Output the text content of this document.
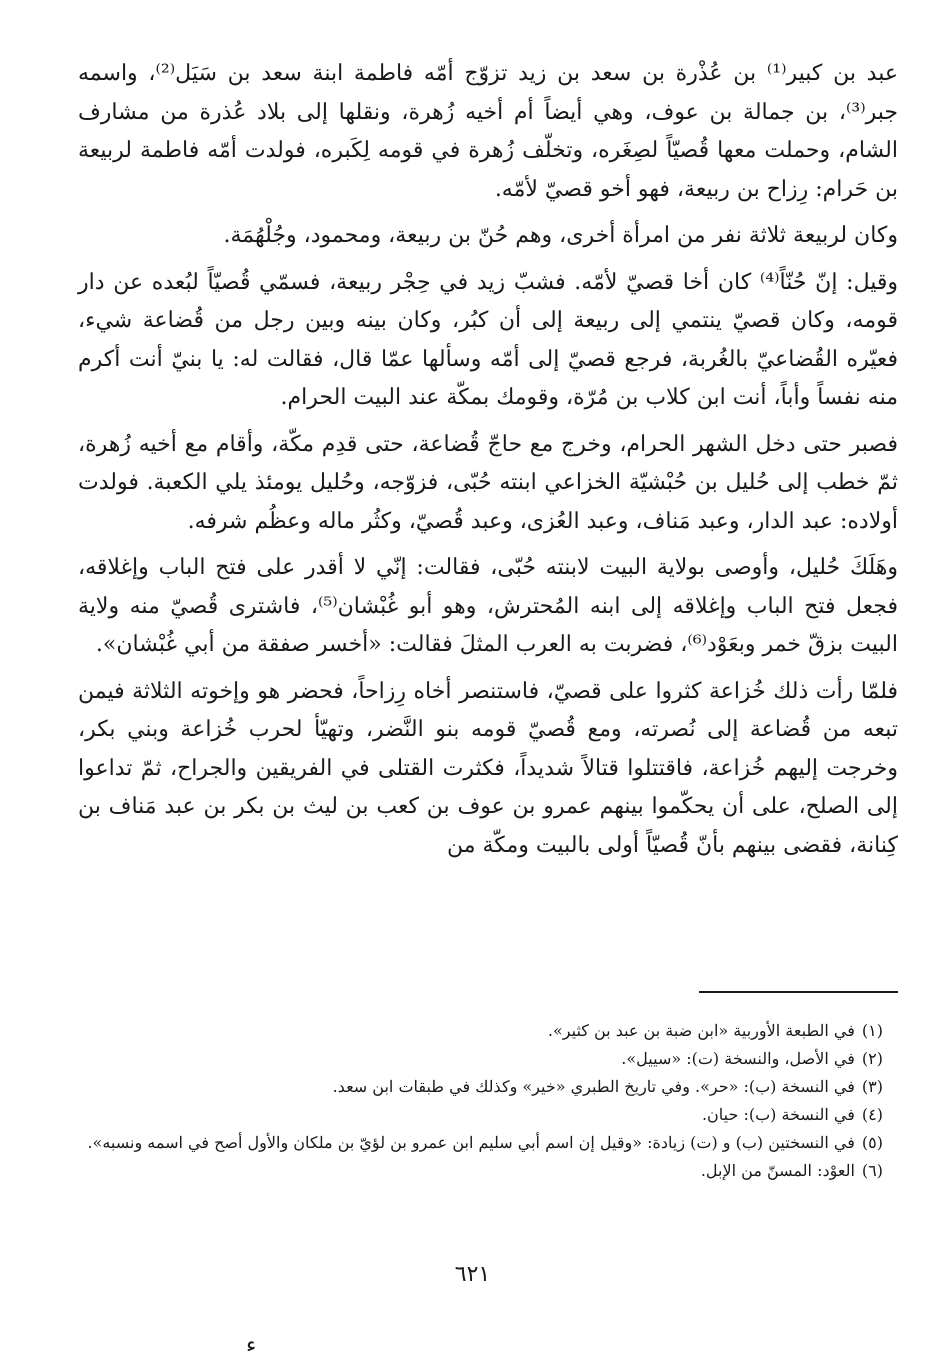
عبد بن كبير⁽¹⁾ بن عُذْرة بن سعد بن زيد تزوّج أمّه فاطمة ابنة سعد بن سَيَل⁽²⁾، واسمه جبر⁽³⁾، بن جمالة بن عوف، وهي أيضاً أم أخيه زُهرة، ونقلها إلى بلاد عُذرة من مشارف الشام، وحملت معها قُصيّاً لصِغَره، وتخلّف زُهرة في قومه لِكَبره، فولدت أمّه فاطمة لربيعة بن حَرام: رِزاح بن ربيعة، فهو أخو قصيّ لأمّه.

وكان لربيعة ثلاثة نفر من امرأة أخرى، وهم حُنّ بن ربيعة، ومحمود، وجُلْهُمَة.

وقيل: إنّ حُنّاً⁽⁴⁾ كان أخا قصيّ لأمّه. فشبّ زيد في حِجْر ربيعة، فسمّي قُصيّاً لبُعده عن دار قومه، وكان قصيّ ينتمي إلى ربيعة إلى أن كبُر، وكان بينه وبين رجل من قُضاعة شيء، فعيّره القُضاعيّ بالغُربة، فرجع قصيّ إلى أمّه وسألها عمّا قال، فقالت له: يا بنيّ أنت أكرم منه نفساً وأباً، أنت ابن كلاب بن مُرّة، وقومك بمكّة عند البيت الحرام.

فصبر حتى دخل الشهر الحرام، وخرج مع حاجّ قُضاعة، حتى قدِم مكّة، وأقام مع أخيه زُهرة، ثمّ خطب إلى حُليل بن حُبْشيّة الخزاعي ابنته حُبّى، فزوّجه، وحُليل يومئذ يلي الكعبة. فولدت أولاده: عبد الدار، وعبد مَناف، وعبد العُزى، وعبد قُصيّ، وكثُر ماله وعظُم شرفه.

وهَلَكَ حُليل، وأوصى بولاية البيت لابنته حُبّى، فقالت: إنّي لا أقدر على فتح الباب وإغلاقه، فجعل فتح الباب وإغلاقه إلى ابنه المُحترش، وهو أبو غُبْشان⁽⁵⁾، فاشترى قُصيّ منه ولاية البيت بزقّ خمر وبعَوْد⁽⁶⁾، فضربت به العرب المثلَ فقالت: «أخسر صفقة من أبي غُبْشان».

فلمّا رأت ذلك خُزاعة كثروا على قصيّ، فاستنصر أخاه رِزاحاً، فحضر هو وإخوته الثلاثة فيمن تبعه من قُضاعة إلى نُصرته، ومع قُصيّ قومه بنو النَّضر، وتهيّأ لحرب خُزاعة وبني بكر، وخرجت إليهم خُزاعة، فاقتتلوا قتالاً شديداً، فكثرت القتلى في الفريقين والجراح، ثمّ تداعوا إلى الصلح، على أن يحكّموا بينهم عمرو بن عوف بن كعب بن ليث بن بكر بن عبد مَناف بن كِنانة، فقضى بينهم بأنّ قُصيّاً أولى بالبيت ومكّة من

(١)
في الطبعة الأوربية «ابن ضبة بن عبد بن كثير».
(٢)
في الأصل، والنسخة (ت): «سييل».
(٣)
في النسخة (ب): «حر». وفي تاريخ الطبري «خير» وكذلك في طبقات ابن سعد.
(٤)
في النسخة (ب): حيان.
(٥)
في النسختين (ب) و (ت) زيادة: «وقيل إن اسم أبي سليم ابن عمرو بن لؤيّ بن ملكان والأول أصح في اسمه ونسبه».
(٦)
العوْد: المسنّ من الإبل.
٦٢١
ء
